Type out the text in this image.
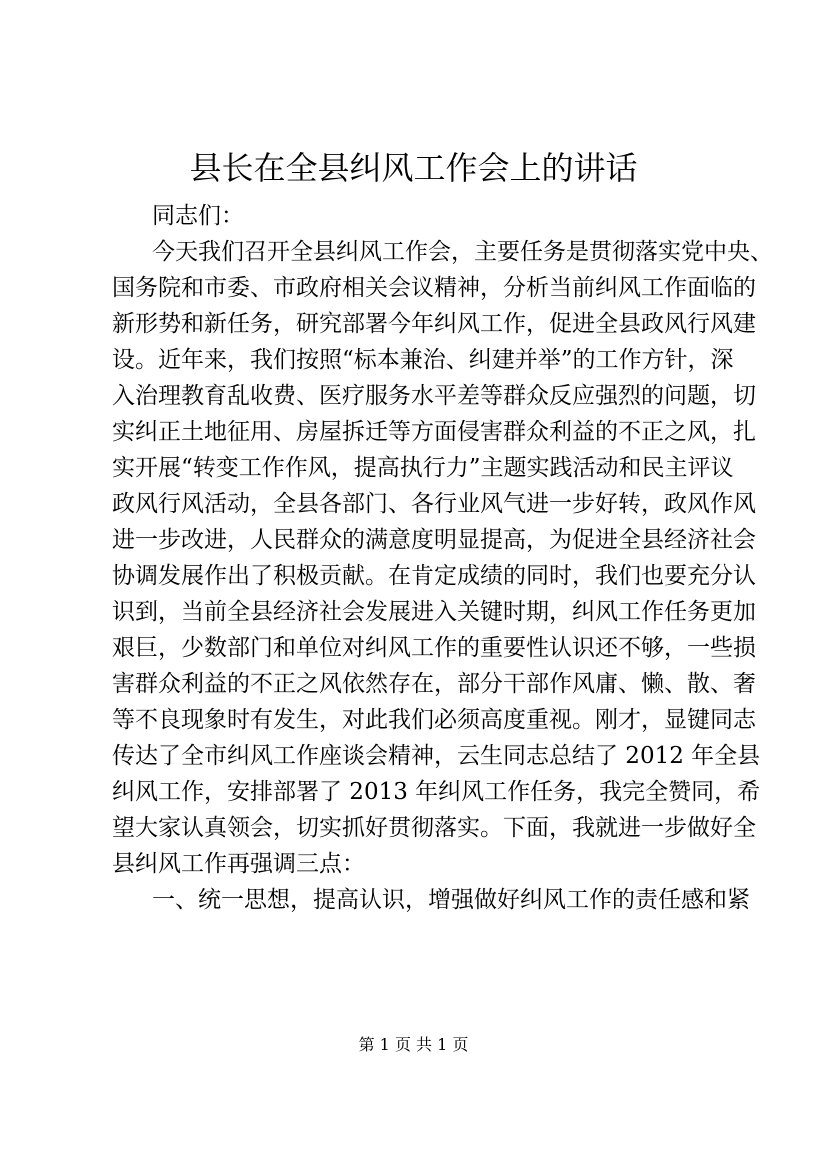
县长在全县纠风工作会上的讲话
同志们：
今天我们召开全县纠风工作会，主要任务是贯彻落实党中央、
国务院和市委、市政府相关会议精神，分析当前纠风工作面临的
新形势和新任务，研究部署今年纠风工作，促进全县政风行风建
设。近年来，我们按照“标本兼治、纠建并举”的工作方针，深
入治理教育乱收费、医疗服务水平差等群众反应强烈的问题，切
实纠正土地征用、房屋拆迁等方面侵害群众利益的不正之风，扎
实开展“转变工作作风，提高执行力”主题实践活动和民主评议
政风行风活动，全县各部门、各行业风气进一步好转，政风作风
进一步改进，人民群众的满意度明显提高，为促进全县经济社会
协调发展作出了积极贡献。在肯定成绩的同时，我们也要充分认
识到，当前全县经济社会发展进入关键时期，纠风工作任务更加
艰巨，少数部门和单位对纠风工作的重要性认识还不够，一些损
害群众利益的不正之风依然存在，部分干部作风庸、懒、散、奢
等不良现象时有发生，对此我们必须高度重视。刚才，显键同志
传达了全市纠风工作座谈会精神，云生同志总结了 2012 年全县
纠风工作，安排部署了 2013 年纠风工作任务，我完全赞同，希
望大家认真领会，切实抓好贯彻落实。下面，我就进一步做好全
县纠风工作再强调三点：
一、统一思想，提高认识，增强做好纠风工作的责任感和紧
第 1 页 共 1 页
